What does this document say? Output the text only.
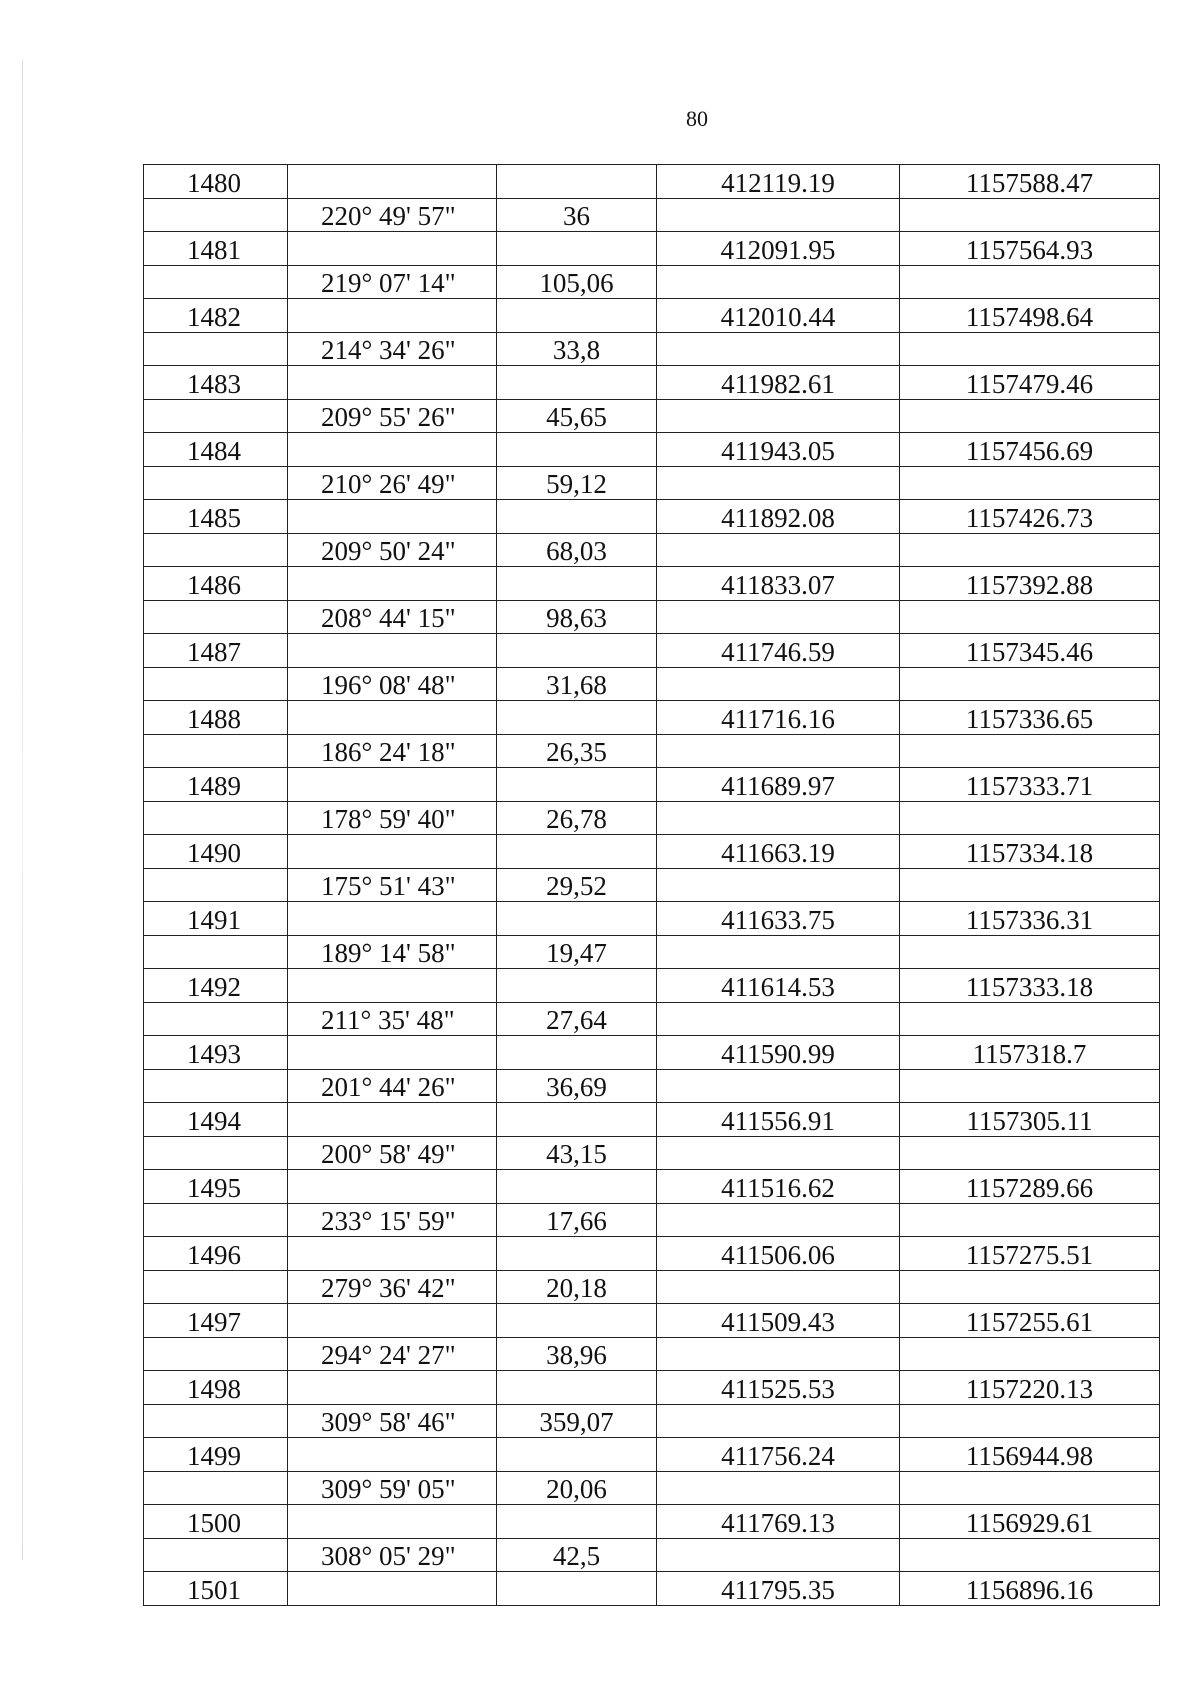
80
1480			412119.19	1157588.47
	220° 49' 57"	36		
1481			412091.95	1157564.93
	219° 07' 14"	105,06		
1482			412010.44	1157498.64
	214° 34' 26"	33,8		
1483			411982.61	1157479.46
	209° 55' 26"	45,65		
1484			411943.05	1157456.69
	210° 26' 49"	59,12		
1485			411892.08	1157426.73
	209° 50' 24"	68,03		
1486			411833.07	1157392.88
	208° 44' 15"	98,63		
1487			411746.59	1157345.46
	196° 08' 48"	31,68		
1488			411716.16	1157336.65
	186° 24' 18"	26,35		
1489			411689.97	1157333.71
	178° 59' 40"	26,78		
1490			411663.19	1157334.18
	175° 51' 43"	29,52		
1491			411633.75	1157336.31
	189° 14' 58"	19,47		
1492			411614.53	1157333.18
	211° 35' 48"	27,64		
1493			411590.99	1157318.7
	201° 44' 26"	36,69		
1494			411556.91	1157305.11
	200° 58' 49"	43,15		
1495			411516.62	1157289.66
	233° 15' 59"	17,66		
1496			411506.06	1157275.51
	279° 36' 42"	20,18		
1497			411509.43	1157255.61
	294° 24' 27"	38,96		
1498			411525.53	1157220.13
	309° 58' 46"	359,07		
1499			411756.24	1156944.98
	309° 59' 05"	20,06		
1500			411769.13	1156929.61
	308° 05' 29"	42,5		
1501			411795.35	1156896.16
